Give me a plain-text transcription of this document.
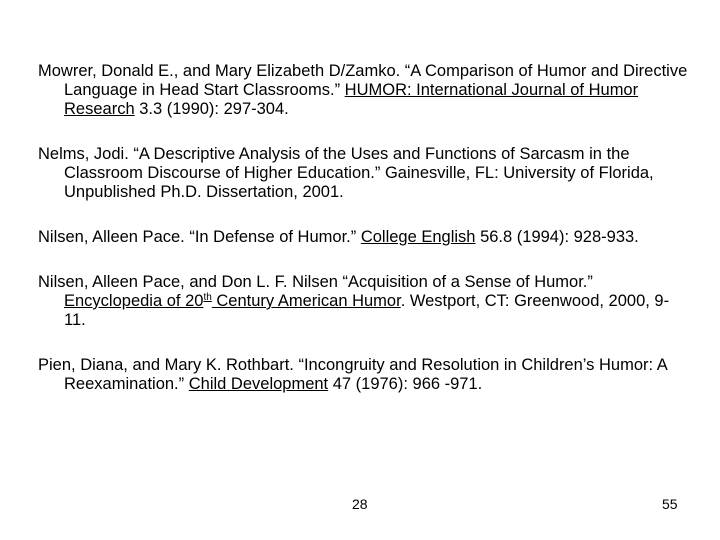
Mowrer, Donald E., and Mary Elizabeth D/Zamko. “A Comparison of Humor and Directive Language in Head Start Classrooms.” HUMOR: International Journal of Humor Research 3.3 (1990): 297-304.

Nelms, Jodi. “A Descriptive Analysis of the Uses and Functions of Sarcasm in the Classroom Discourse of Higher Education.” Gainesville, FL: University of Florida, Unpublished Ph.D. Dissertation, 2001.

Nilsen, Alleen Pace. “In Defense of Humor.” College English 56.8 (1994): 928-933.

Nilsen, Alleen Pace, and Don L. F. Nilsen “Acquisition of a Sense of Humor.” Encyclopedia of 20th Century American Humor. Westport, CT: Greenwood, 2000, 9-11.

Pien, Diana, and Mary K. Rothbart. “Incongruity and Resolution in Children’s Humor: A Reexamination.” Child Development 47 (1976): 966 -971.

28	55
